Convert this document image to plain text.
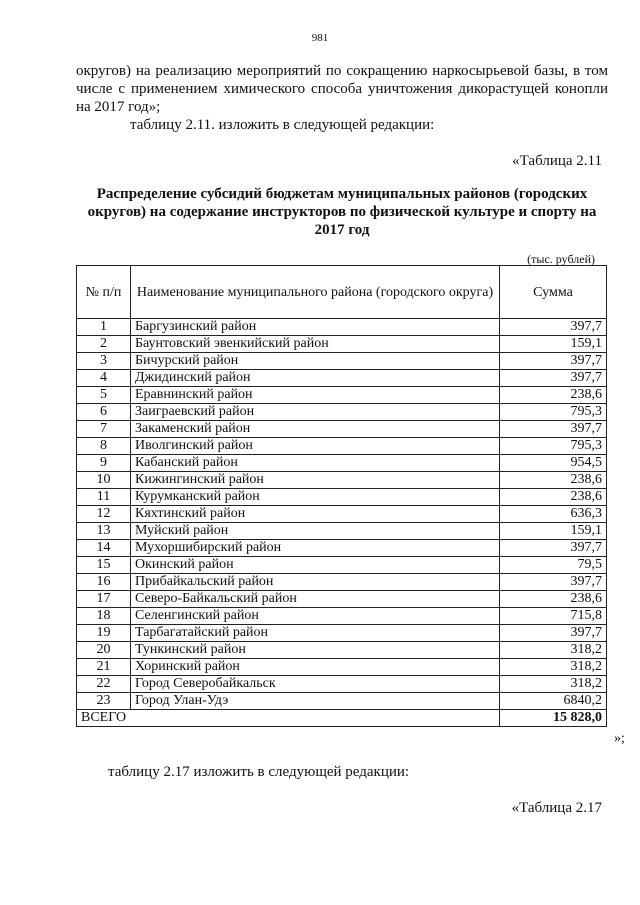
981
округов) на реализацию мероприятий по сокращению наркосырьевой базы, в том числе с применением химического способа уничтожения дикорастущей конопли на 2017 год»;
таблицу 2.11. изложить в следующей редакции:
«Таблица 2.11
Распределение субсидий бюджетам муниципальных районов (городских округов) на содержание инструкторов по физической культуре и спорту на 2017 год
(тыс. рублей)
№ п/п	Наименование муниципального района (городского округа)	Сумма
1	Баргузинский район	397,7
2	Баунтовский эвенкийский район	159,1
3	Бичурский район	397,7
4	Джидинский район	397,7
5	Еравнинский район	238,6
6	Заиграевский район	795,3
7	Закаменский район	397,7
8	Иволгинский район	795,3
9	Кабанский район	954,5
10	Кижингинский район	238,6
11	Курумканский район	238,6
12	Кяхтинский район	636,3
13	Муйский район	159,1
14	Мухоршибирский район	397,7
15	Окинский район	79,5
16	Прибайкальский район	397,7
17	Северо-Байкальский район	238,6
18	Селенгинский район	715,8
19	Тарбагатайский район	397,7
20	Тункинский район	318,2
21	Хоринский район	318,2
22	Город Северобайкальск	318,2
23	Город Улан-Удэ	6840,2
ВСЕГО		15 828,0
»;
таблицу 2.17 изложить в следующей редакции:
«Таблица 2.17
